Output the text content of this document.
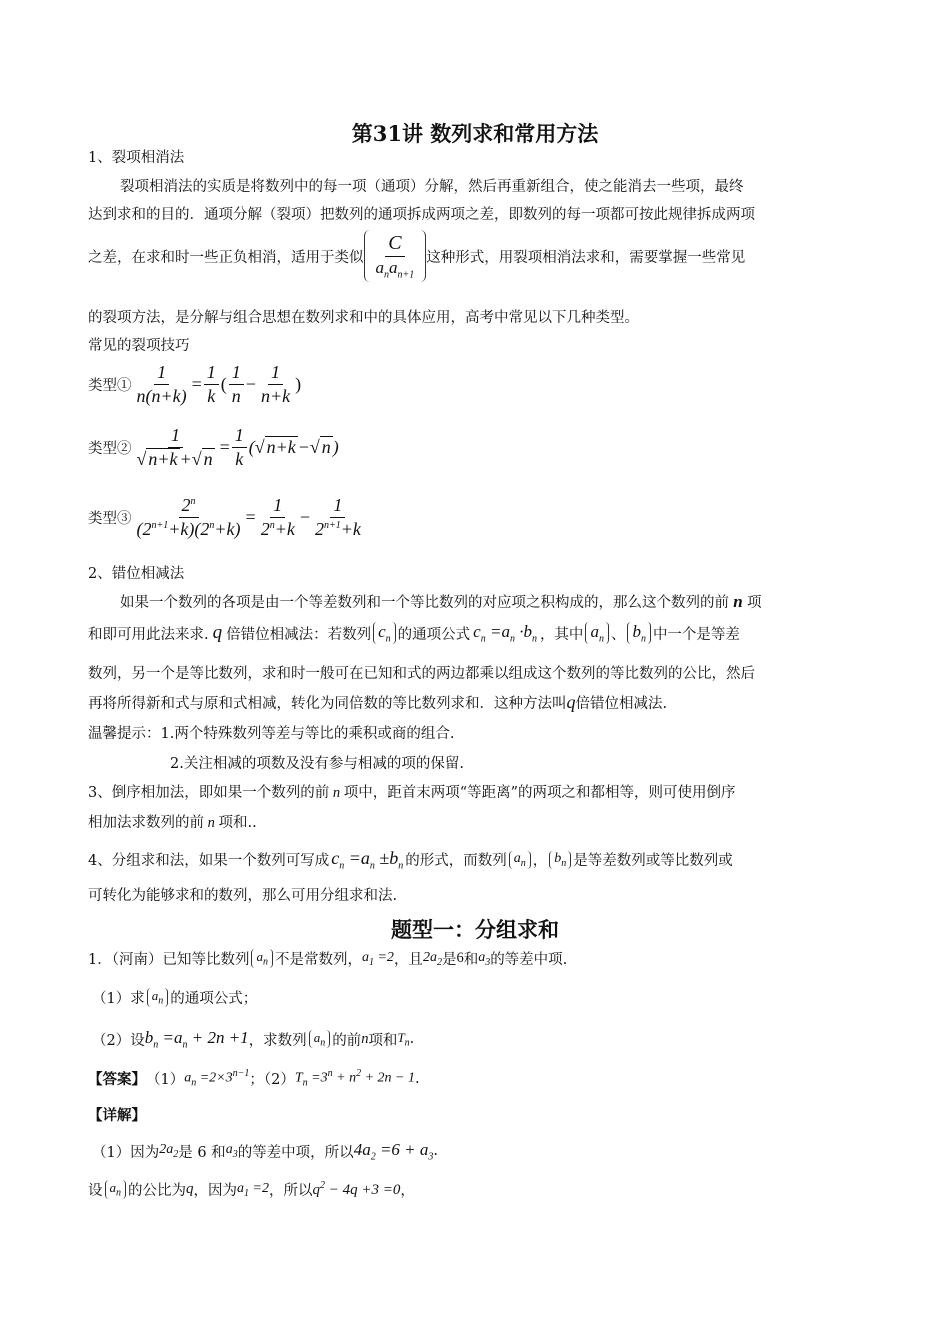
第31讲 数列求和常用方法
1、裂项相消法
裂项相消法的实质是将数列中的每一项（通项）分解，然后再重新组合，使之能消去一些项，最终
达到求和的目的．通项分解（裂项）把数列的通项拆成两项之差，即数列的每一项都可按此规律拆成两项
之差，在求和时一些正负相消，适用于类似 $\frac{C}{a_na_{n+1}}$ 这种形式，用裂项相消法求和，需要掌握一些常见
的裂项方法，是分解与组合思想在数列求和中的具体应用，高考中常见以下几种类型。
常见的裂项技巧
类型① $\frac{1}{n(n+k)} = \frac{1}{k}$ ( $\frac{1}{n} - \frac{1}{n+k}$ )
类型② $\frac{1}{√ n+k +√ n} = \frac{1}{k}$ (√ n+k −√ n )
类型③ $\frac{2^n}{(2^{n+1}+k)(2^n+k)} = \frac{1}{2^n+k} - \frac{1}{2^{n+1}+k}$
2、错位相减法
如果一个数列的各项是由一个等差数列和一个等比数列的对应项之积构成的，那么这个数列的前 n 项
和即可用此法来求. q 倍错位相减法：若数列 $c_n$ 的通项公式 $c_n =a_n \cdot b_n$ ，其中 $a_n$ 、 $b_n$ 中一个是等差
数列，另一个是等比数列，求和时一般可在已知和式的两边都乘以组成这个数列的等比数列的公比，然后
再将所得新和式与原和式相减，转化为同倍数的等比数列求和．这种方法叫q倍错位相减法.
温馨提示：1.两个特殊数列等差与等比的乘积或商的组合.
2.关注相减的项数及没有参与相减的项的保留.
3、倒序相加法，即如果一个数列的前 n 项中，距首末两项“等距离”的两项之和都相等，则可使用倒序
相加法求数列的前 n 项和..
4、分组求和法，如果一个数列可写成 $c_n =a_n \pm b_n$ 的形式，而数列 $a_n$ ， $b_n$ 是等差数列或等比数列或
可转化为能够求和的数列，那么可用分组求和法.
题型一：分组求和
1．（河南）已知等比数列 $a_n$ 不是常数列， $a_1 =2$ ，且 $2a_2$ 是 6 和 $a_3$ 的等差中项.
（1）求 $a_n$ 的通项公式；
（2）设 $b_n =a_n + 2n +1$ ，求数列 $a_n$ 的前 n 项和 $T_n$ .
【答案】 （1） $a_n =2\times 3^{n-1}$ ；（2） $T_n =3^n + n^2 + 2n - 1$ .
【详解】
（1）因为 $2a_2$ 是 6 和 $a_3$ 的等差中项，所以 $4a_2 =6 + a_3$ .
设 $a_n$ 的公比为 q ，因为 $a_1 =2$ ，所以 $q^2 - 4q +3 =0$ ，
